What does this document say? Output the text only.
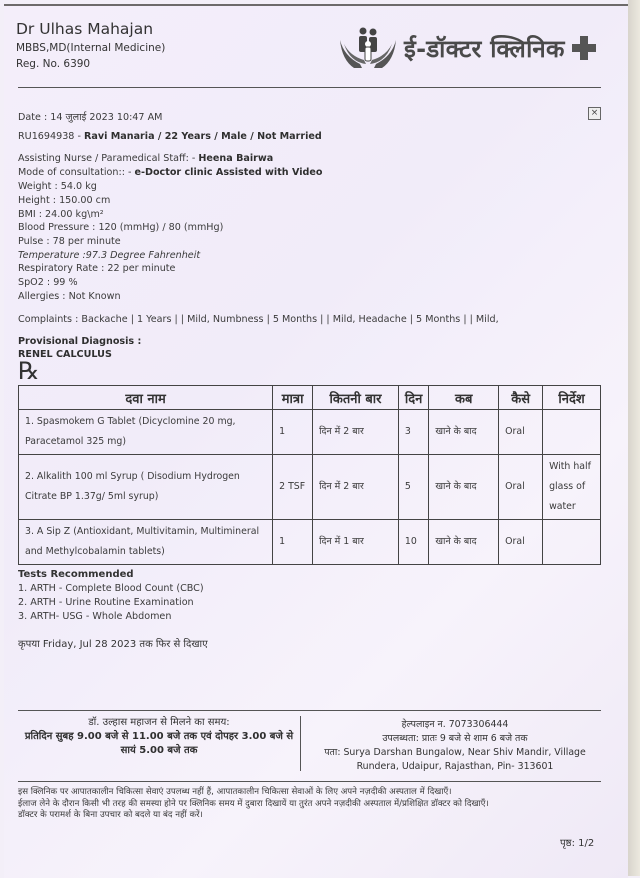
Dr Ulhas Mahajan
MBBS,MD(Internal Medicine)
Reg. No. 6390
ई-डॉक्टर क्लिनिक
Date : 14 जुलाई 2023 10:47 AM	×
RU1694938 - Ravi Manaria / 22 Years / Male / Not Married
Assisting Nurse / Paramedical Staff: - Heena Bairwa
Mode of consultation:: - e-Doctor clinic Assisted with Video
Weight : 54.0 kg
Height : 150.00 cm
BMI : 24.00 kg\m²
Blood Pressure : 120 (mmHg) / 80 (mmHg)
Pulse : 78 per minute
Temperature :97.3 Degree Fahrenheit
Respiratory Rate : 22 per minute
SpO2 : 99 %
Allergies : Not Known
Complaints : Backache | 1 Years | | Mild, Numbness | 5 Months | | Mild, Headache | 5 Months | | Mild,
Provisional Diagnosis :
RENEL CALCULUS
℞
दवा नाम	मात्रा	कितनी बार	दिन	कब	कैसे	निर्देश
1. Spasmokem G Tablet (Dicyclomine 20 mg, Paracetamol 325 mg)	1	दिन में 2 बार	3	खाने के बाद	Oral	
2. Alkalith 100 ml Syrup ( Disodium Hydrogen Citrate BP 1.37g/ 5ml syrup)	2 TSF	दिन में 2 बार	5	खाने के बाद	Oral	With half glass of water
3. A Sip Z (Antioxidant, Multivitamin, Multimineral and Methylcobalamin tablets)	1	दिन में 1 बार	10	खाने के बाद	Oral	
Tests Recommended
1. ARTH - Complete Blood Count (CBC)
2. ARTH - Urine Routine Examination
3. ARTH- USG - Whole Abdomen
कृपया Friday, Jul 28 2023 तक फिर से दिखाए
डॉ. उल्हास महाजन से मिलने का समय:
प्रतिदिन सुबह 9.00 बजे से 11.00 बजे तक एवं दोपहर 3.00 बजे से सायं 5.00 बजे तक
हेल्पलाइन न. 7073306444
उपलब्धता: प्रातः 9 बजे से शाम 6 बजे तक
पता: Surya Darshan Bungalow, Near Shiv Mandir, Village Rundera, Udaipur, Rajasthan, Pin- 313601
इस क्लिनिक पर आपातकालीन चिकित्सा सेवाएं उपलब्ध नहीं हैं, आपातकालीन चिकित्सा सेवाओं के लिए अपने नज़दीकी अस्पताल में दिखाएँ।
ईलाज लेने के दौरान किसी भी तरह की समस्या होने पर क्लिनिक समय में दुबारा दिखायें या तुरंत अपने नज़दीकी अस्पताल में/प्रशिक्षित डॉक्टर को दिखाएँ।
डॉक्टर के परामर्श के बिना उपचार को बदले या बंद नहीं करें।
पृष्ठ: 1/2
